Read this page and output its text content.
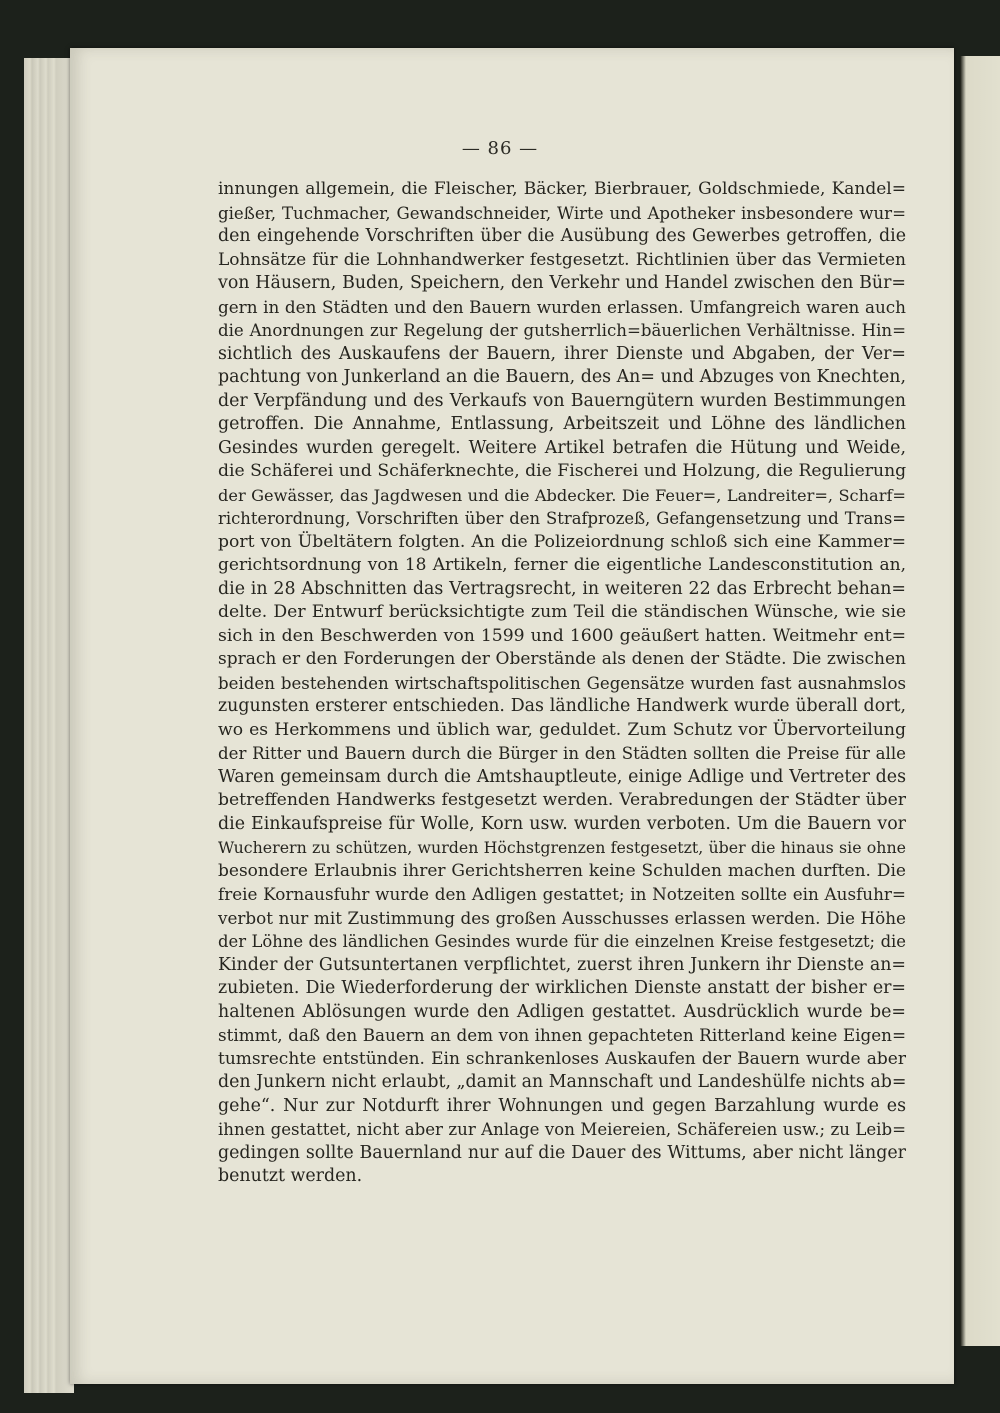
— 86 —
innungen allgemein, die Fleischer, Bäcker, Bierbrauer, Goldschmiede, Kandel=
gießer, Tuchmacher, Gewandschneider, Wirte und Apotheker insbesondere wur=
den eingehende Vorschriften über die Ausübung des Gewerbes getroffen, die
Lohnsätze für die Lohnhandwerker festgesetzt. Richtlinien über das Vermieten
von Häusern, Buden, Speichern, den Verkehr und Handel zwischen den Bür=
gern in den Städten und den Bauern wurden erlassen. Umfangreich waren auch
die Anordnungen zur Regelung der gutsherrlich=bäuerlichen Verhältnisse. Hin=
sichtlich des Auskaufens der Bauern, ihrer Dienste und Abgaben, der Ver=
pachtung von Junkerland an die Bauern, des An= und Abzuges von Knechten,
der Verpfändung und des Verkaufs von Bauerngütern wurden Bestimmungen
getroffen. Die Annahme, Entlassung, Arbeitszeit und Löhne des ländlichen
Gesindes wurden geregelt. Weitere Artikel betrafen die Hütung und Weide,
die Schäferei und Schäferknechte, die Fischerei und Holzung, die Regulierung
der Gewässer, das Jagdwesen und die Abdecker. Die Feuer=, Landreiter=, Scharf=
richterordnung, Vorschriften über den Strafprozeß, Gefangensetzung und Trans=
port von Übeltätern folgten. An die Polizeiordnung schloß sich eine Kammer=
gerichtsordnung von 18 Artikeln, ferner die eigentliche Landesconstitution an,
die in 28 Abschnitten das Vertragsrecht, in weiteren 22 das Erbrecht behan=
delte. Der Entwurf berücksichtigte zum Teil die ständischen Wünsche, wie sie
sich in den Beschwerden von 1599 und 1600 geäußert hatten. Weitmehr ent=
sprach er den Forderungen der Oberstände als denen der Städte. Die zwischen
beiden bestehenden wirtschaftspolitischen Gegensätze wurden fast ausnahmslos
zugunsten ersterer entschieden. Das ländliche Handwerk wurde überall dort,
wo es Herkommens und üblich war, geduldet. Zum Schutz vor Übervorteilung
der Ritter und Bauern durch die Bürger in den Städten sollten die Preise für alle
Waren gemeinsam durch die Amtshauptleute, einige Adlige und Vertreter des
betreffenden Handwerks festgesetzt werden. Verabredungen der Städter über
die Einkaufspreise für Wolle, Korn usw. wurden verboten. Um die Bauern vor
Wucherern zu schützen, wurden Höchstgrenzen festgesetzt, über die hinaus sie ohne
besondere Erlaubnis ihrer Gerichtsherren keine Schulden machen durften. Die
freie Kornausfuhr wurde den Adligen gestattet; in Notzeiten sollte ein Ausfuhr=
verbot nur mit Zustimmung des großen Ausschusses erlassen werden. Die Höhe
der Löhne des ländlichen Gesindes wurde für die einzelnen Kreise festgesetzt; die
Kinder der Gutsuntertanen verpflichtet, zuerst ihren Junkern ihr Dienste an=
zubieten. Die Wiederforderung der wirklichen Dienste anstatt der bisher er=
haltenen Ablösungen wurde den Adligen gestattet. Ausdrücklich wurde be=
stimmt, daß den Bauern an dem von ihnen gepachteten Ritterland keine Eigen=
tumsrechte entstünden. Ein schrankenloses Auskaufen der Bauern wurde aber
den Junkern nicht erlaubt, „damit an Mannschaft und Landeshülfe nichts ab=
gehe“. Nur zur Notdurft ihrer Wohnungen und gegen Barzahlung wurde es
ihnen gestattet, nicht aber zur Anlage von Meiereien, Schäfereien usw.; zu Leib=
gedingen sollte Bauernland nur auf die Dauer des Wittums, aber nicht länger
benutzt werden.
